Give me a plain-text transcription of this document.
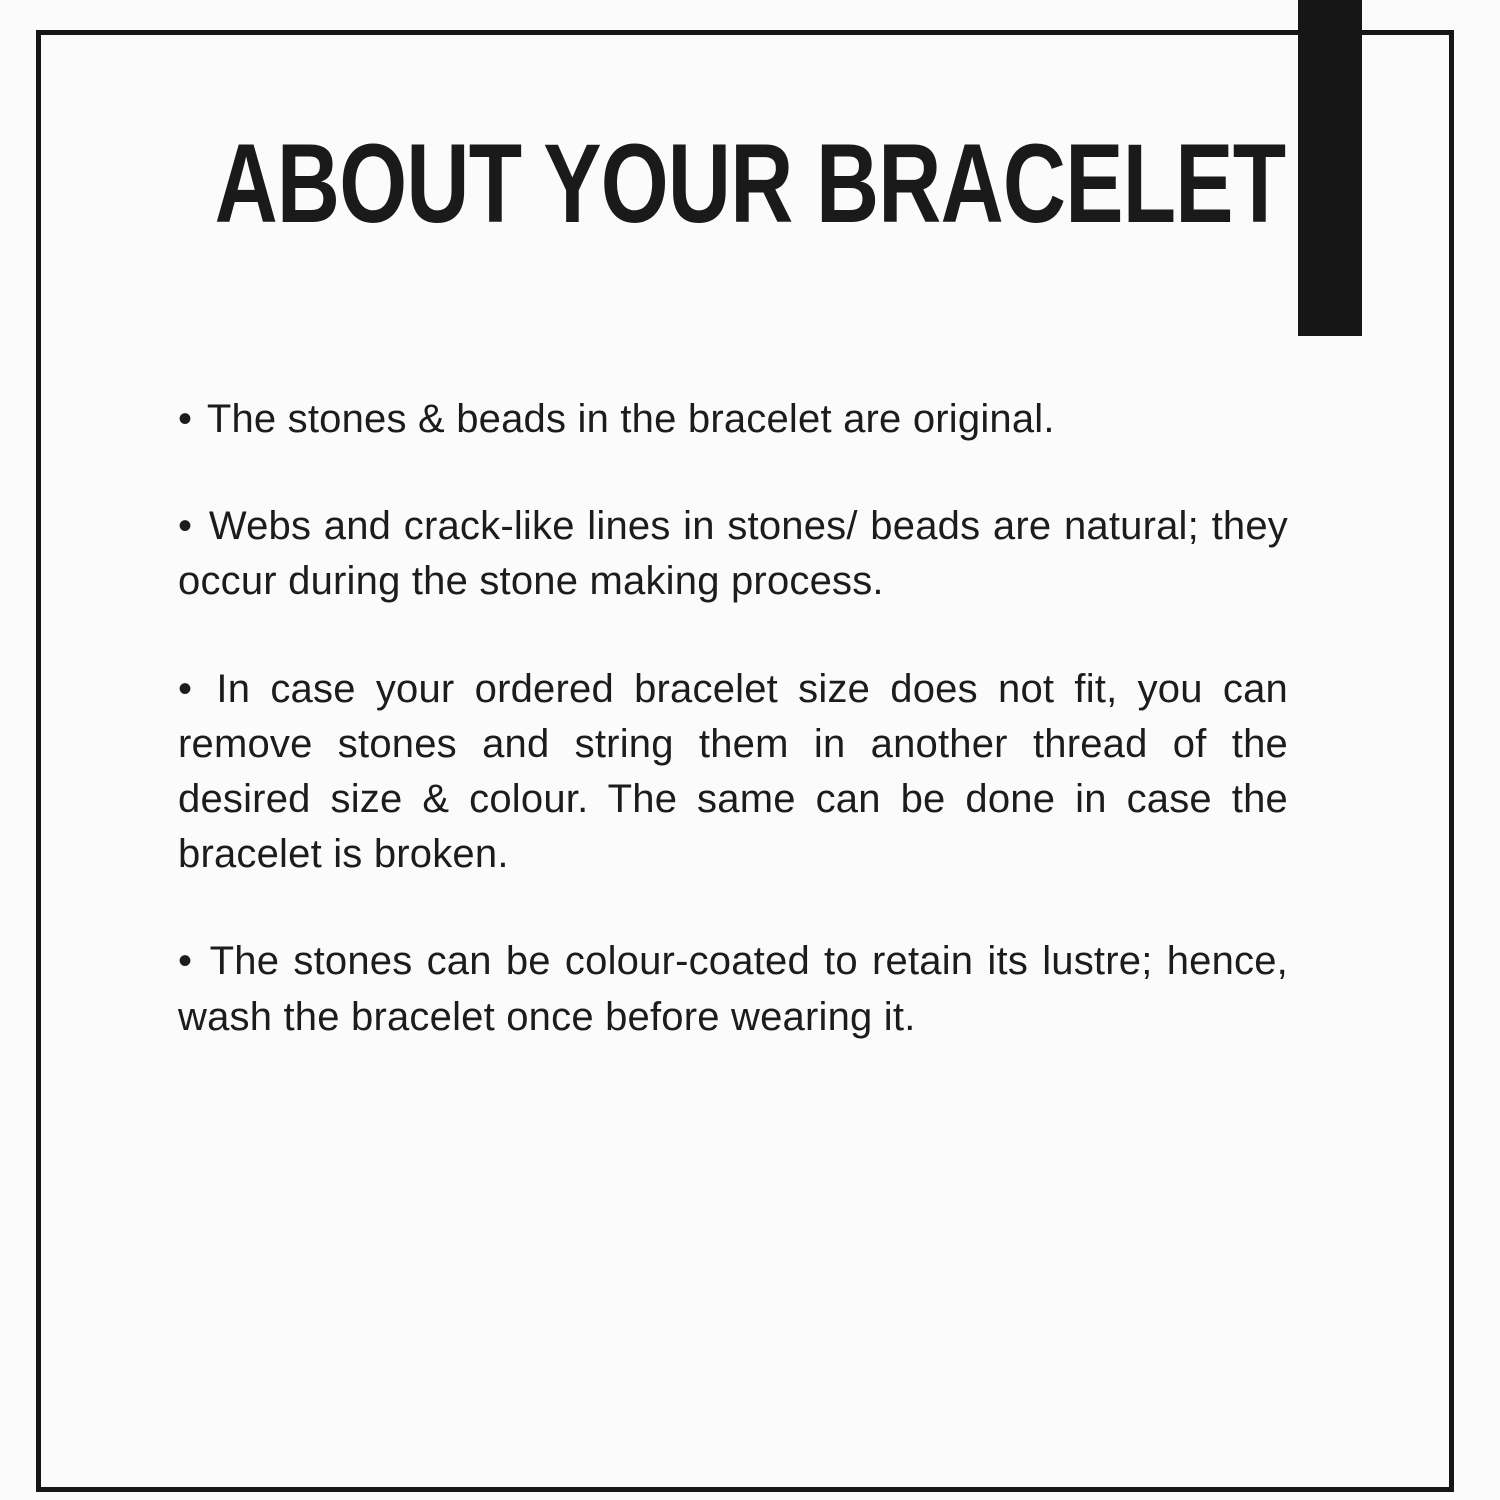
ABOUT YOUR BRACELET

• The stones & beads in the bracelet are original.

• Webs and crack-like lines in stones/ beads are natural; they occur during the stone making process.

• In case your ordered bracelet size does not fit, you can remove stones and string them in another thread of the desired size & colour. The same can be done in case the bracelet is broken.

• The stones can be colour-coated to retain its lustre; hence, wash the bracelet once before wearing it.
